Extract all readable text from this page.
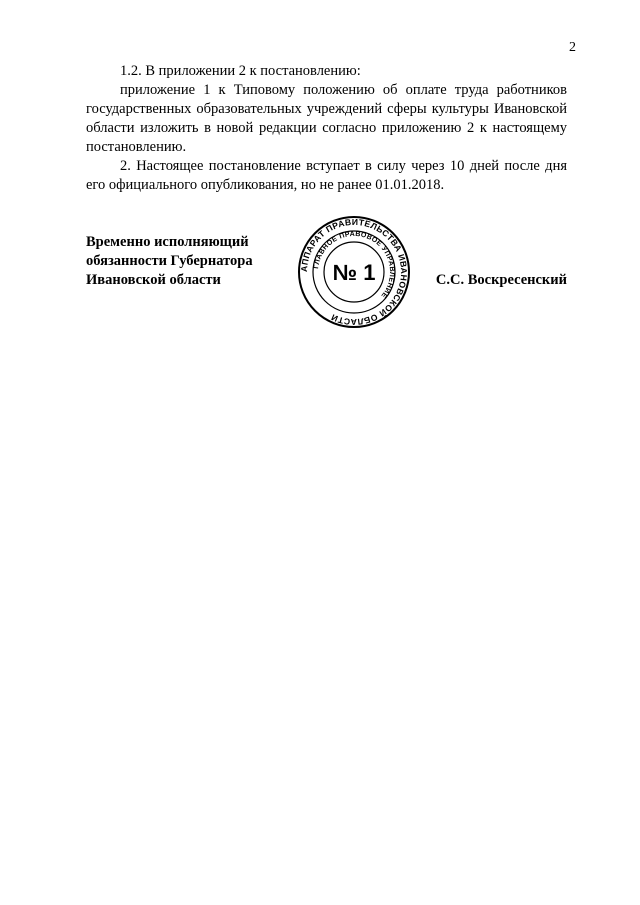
2

1.2. В приложении 2 к постановлению:

приложение 1 к Типовому положению об оплате труда работников государственных образовательных учреждений сферы культуры Ивановской области изложить в новой редакции согласно приложению 2 к настоящему постановлению.

2. Настоящее постановление вступает в силу через 10 дней после дня его официального опубликования, но не ранее 01.01.2018.

Временно исполняющий
обязанности Губернатора
Ивановской области	С.С. Воскресенский
АППАРАТ ПРАВИТЕЛЬСТВА ИВАНОВСКОЙ ОБЛАСТИ
ГЛАВНОЕ ПРАВОВОЕ УПРАВЛЕНИЕ
№ 1
